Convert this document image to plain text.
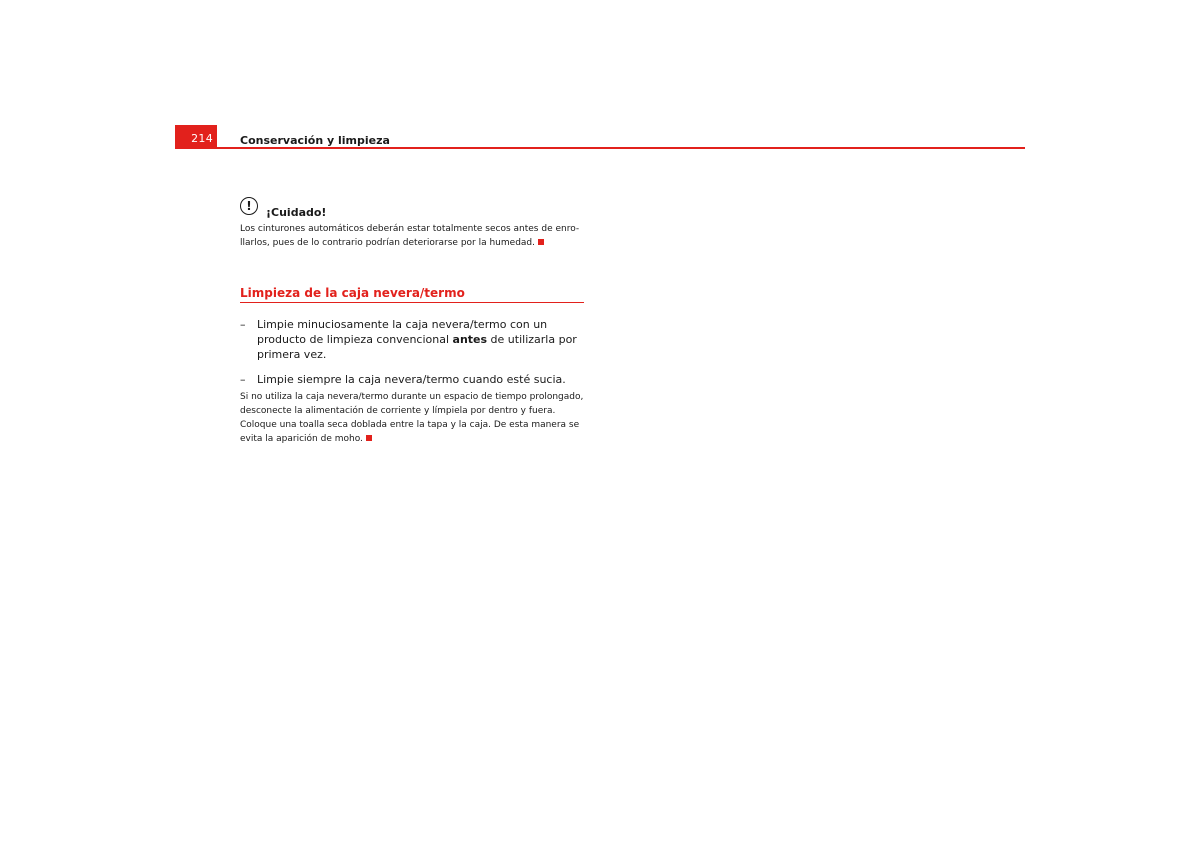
214 Conservación y limpieza
!	¡Cuidado!
Los cinturones automáticos deberán estar totalmente secos antes de enro-llarlos, pues de lo contrario podrían deteriorarse por la humedad.
Limpieza de la caja nevera/termo
– Limpie minuciosamente la caja nevera/termo con un producto de limpieza convencional antes de utilizarla por primera vez.
– Limpie siempre la caja nevera/termo cuando esté sucia.
Si no utiliza la caja nevera/termo durante un espacio de tiempo prolongado, desconecte la alimentación de corriente y límpiela por dentro y fuera. Coloque una toalla seca doblada entre la tapa y la caja. De esta manera se evita la aparición de moho.
